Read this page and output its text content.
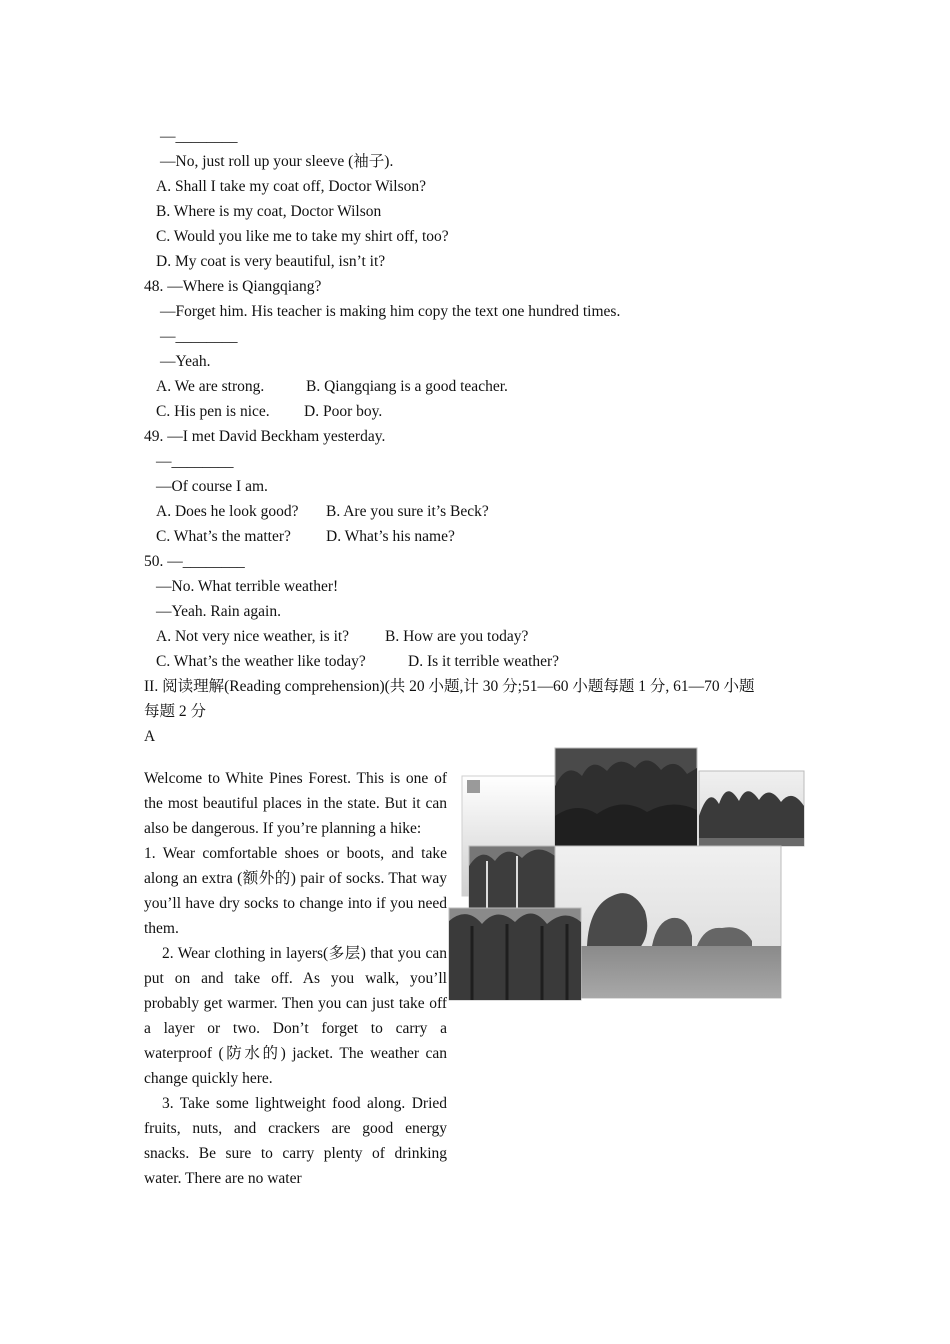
—________
—No, just roll up your sleeve (袖子).
A. Shall I take my coat off, Doctor Wilson?
B. Where is my coat, Doctor Wilson
C. Would you like me to take my shirt off, too?
D. My coat is very beautiful, isn’t it?
48. —Where is Qiangqiang?
—Forget him. His teacher is making him copy the text one hundred times.
—________
—Yeah.
A. We are strong.	B. Qiangqiang is a good teacher.
C. His pen is nice. D. Poor boy.
49. —I met David Beckham yesterday.
—________
—Of course I am.
A. Does he look good? B. Are you sure it’s Beck?
C. What’s the matter? D. What’s his name?
50. —________
—No. What terrible weather!
—Yeah. Rain again.
A. Not very nice weather, is it? B. How are you today?
C. What’s the weather like today?	D. Is it terrible weather?
II. 阅读理解(Reading comprehension)(共 20 小题,计 30 分;51—60 小题每题 1 分, 61—70 小题
每题 2 分
A

Welcome to White Pines Forest. This is one of the most beautiful places in the state. But it can also be dangerous. If you’re planning a hike:

1. Wear comfortable shoes or boots, and take along an extra (额外的) pair of socks. That way you’ll have dry socks to change into if you need them.

2. Wear clothing in layers(多层) that you can put on and take off. As you walk, you’ll probably get warmer. Then you can just take off a layer or two. Don’t forget to carry a waterproof (防水的) jacket. The weather can change quickly here.

3. Take some lightweight food along. Dried fruits, nuts, and crackers are good energy snacks. Be sure to carry plenty of drinking water. There are no water
